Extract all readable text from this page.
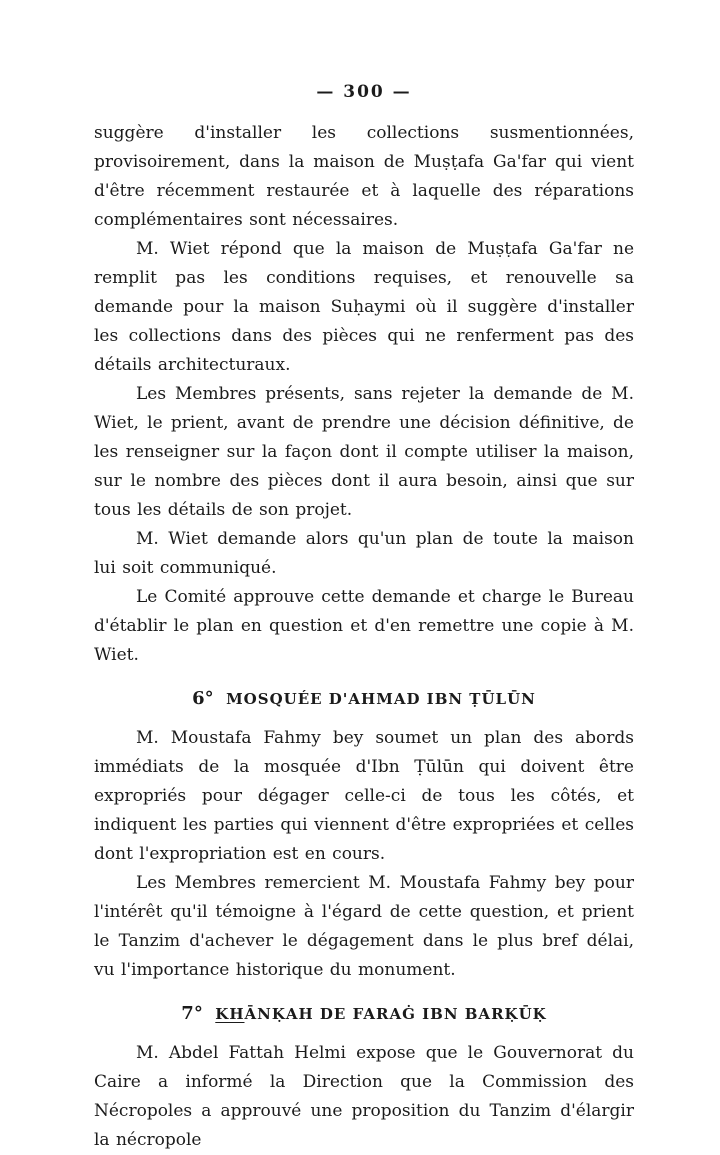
— 300 —

suggère d'installer les collections susmentionnées, provisoirement, dans la maison de Muṣṭafa Ga'far qui vient d'être récemment restaurée et à laquelle des réparations complémentaires sont nécessaires.

M. Wiet répond que la maison de Muṣṭafa Ga'far ne remplit pas les conditions requises, et renouvelle sa demande pour la maison Suḥaymi où il suggère d'installer les collections dans des pièces qui ne renferment pas des détails architecturaux.

Les Membres présents, sans rejeter la demande de M. Wiet, le prient, avant de prendre une décision définitive, de les renseigner sur la façon dont il compte utiliser la maison, sur le nombre des pièces dont il aura besoin, ainsi que sur tous les détails de son projet.

M. Wiet demande alors qu'un plan de toute la maison lui soit communiqué.

Le Comité approuve cette demande et charge le Bureau d'établir le plan en question et d'en remettre une copie à M. Wiet.

6° MOSQUÉE D'AHMAD IBN ṬŪLŪN

M. Moustafa Fahmy bey soumet un plan des abords immédiats de la mosquée d'Ibn Ṭūlūn qui doivent être expropriés pour dégager celle-ci de tous les côtés, et indiquent les parties qui viennent d'être expropriées et celles dont l'expropriation est en cours.

Les Membres remercient M. Moustafa Fahmy bey pour l'intérêt qu'il témoigne à l'égard de cette question, et prient le Tanzim d'achever le dégagement dans le plus bref délai, vu l'importance historique du monument.

7° KHĀNḲAH DE FARAĠ IBN BARḲŪḲ

M. Abdel Fattah Helmi expose que le Gouvernorat du Caire a informé la Direction que la Commission des Nécropoles a approuvé une proposition du Tanzim d'élargir la nécropole
